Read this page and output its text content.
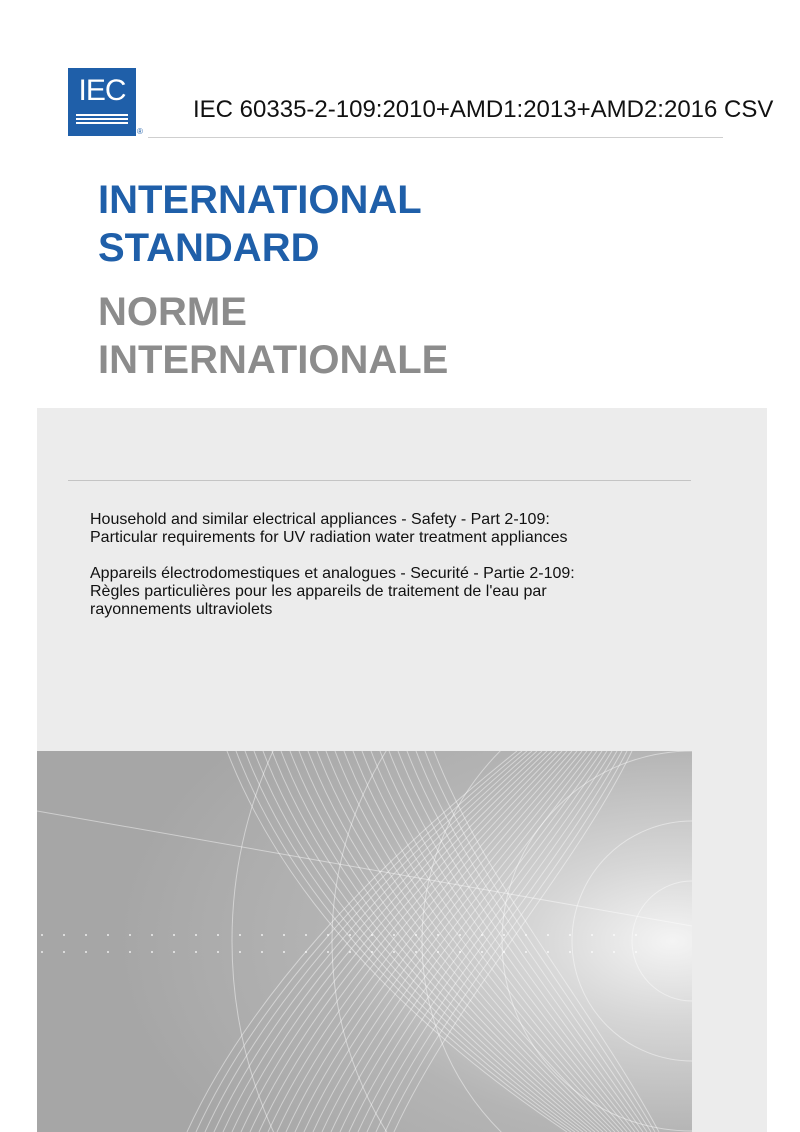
IEC
®
IEC 60335-2-109:2010+AMD1:2013+AMD2:2016 CSV
INTERNATIONAL
STANDARD
NORME
INTERNATIONALE

Household and similar electrical appliances - Safety - Part 2-109:
Particular requirements for UV radiation water treatment appliances

Appareils électrodomestiques et analogues - Securité - Partie 2-109:
Règles particulières pour les appareils de traitement de l'eau par
rayonnements ultraviolets
